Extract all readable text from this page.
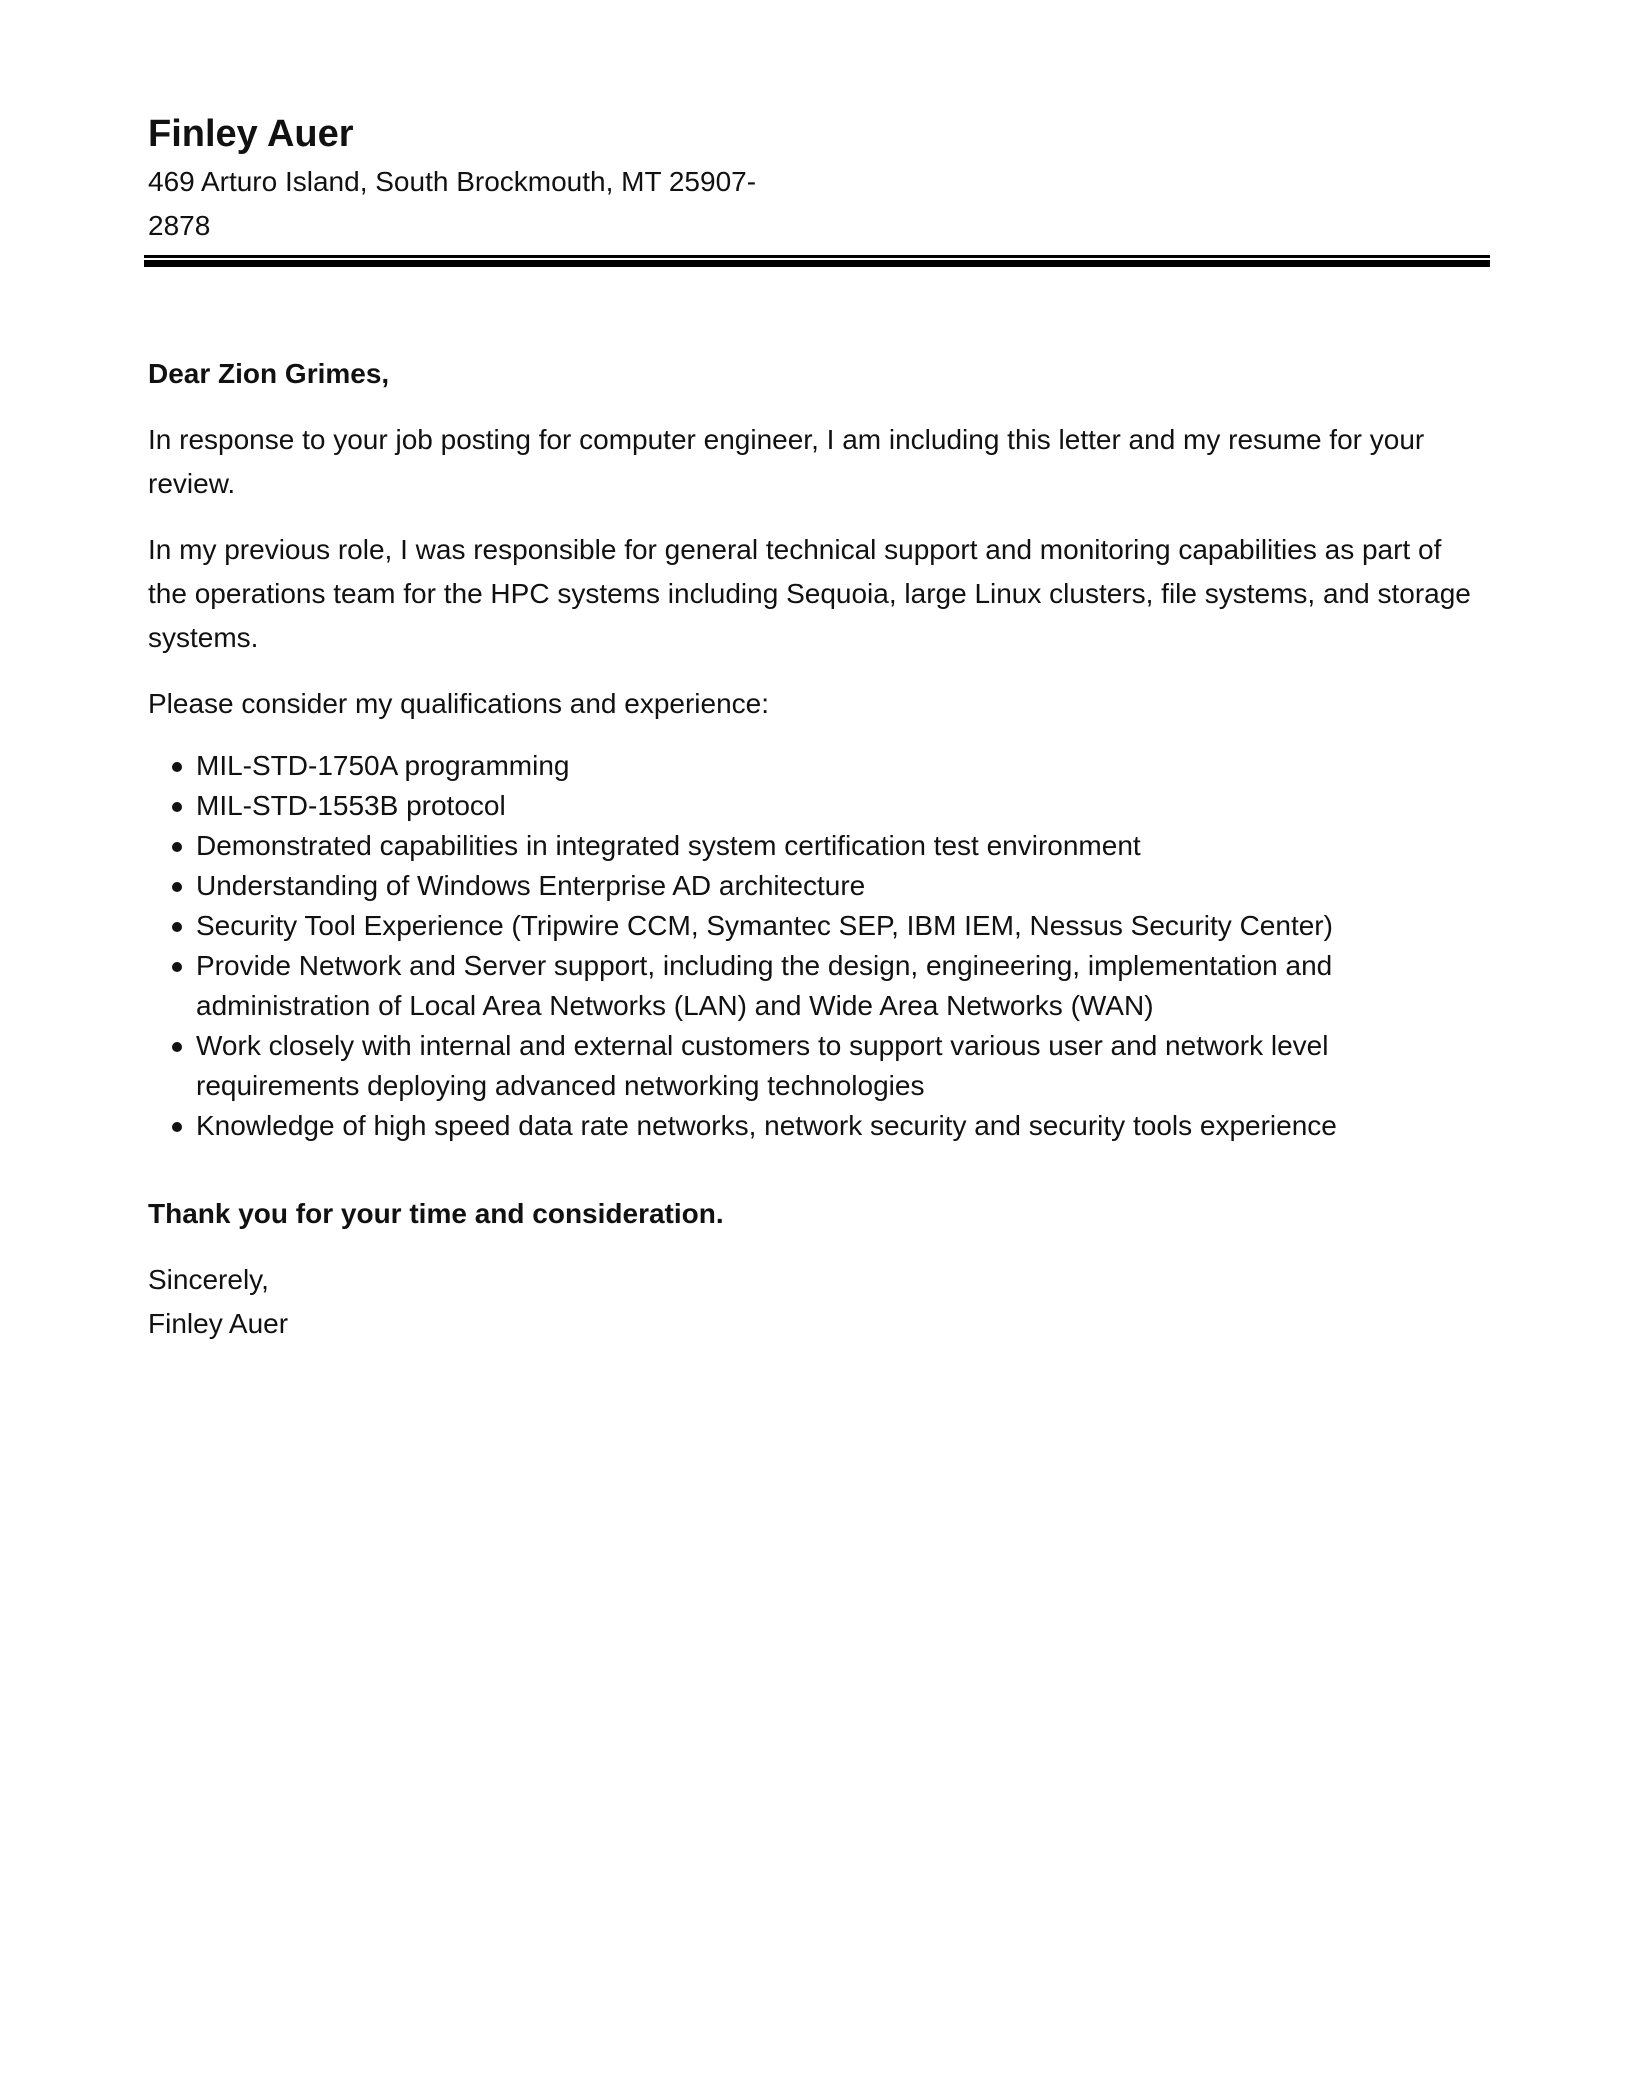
Finley Auer

469 Arturo Island, South Brockmouth, MT 25907-2878

Dear Zion Grimes,

In response to your job posting for computer engineer, I am including this letter and my resume for your review.

In my previous role, I was responsible for general technical support and monitoring capabilities as part of the operations team for the HPC systems including Sequoia, large Linux clusters, file systems, and storage systems.

Please consider my qualifications and experience:

MIL-STD-1750A programming
MIL-STD-1553B protocol
Demonstrated capabilities in integrated system certification test environment
Understanding of Windows Enterprise AD architecture
Security Tool Experience (Tripwire CCM, Symantec SEP, IBM IEM, Nessus Security Center)
Provide Network and Server support, including the design, engineering, implementation and administration of Local Area Networks (LAN) and Wide Area Networks (WAN)
Work closely with internal and external customers to support various user and network level requirements deploying advanced networking technologies
Knowledge of high speed data rate networks, network security and security tools experience

Thank you for your time and consideration.

Sincerely,

Finley Auer
